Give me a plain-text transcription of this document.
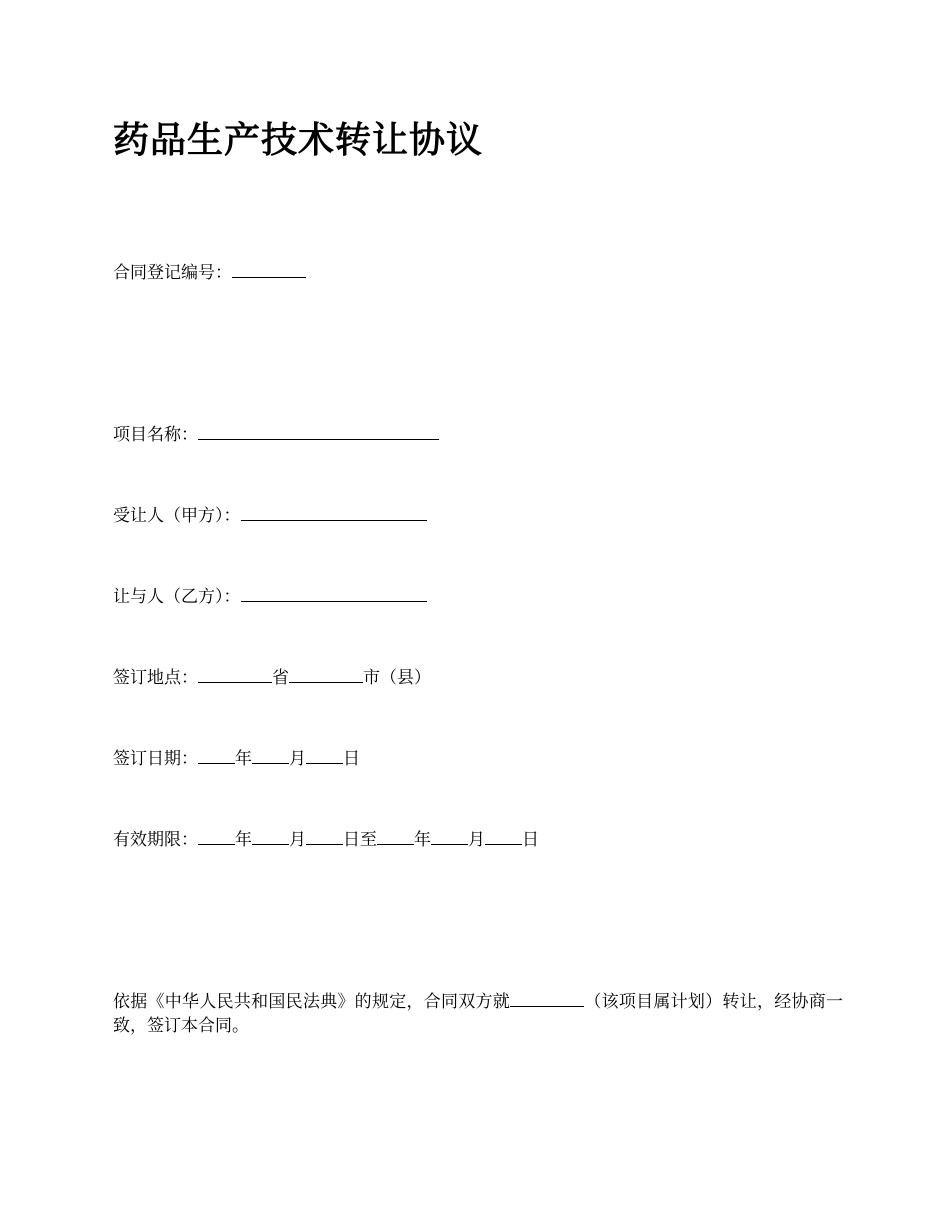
药品生产技术转让协议
合同登记编号：
项目名称：
受让人（甲方）：
让与人（乙方）：
签订地点：	省	市（县）
签订日期： 年 月 日
有效期限： 年 月 日至 年 月 日
依据《中华人民共和国民法典》的规定，合同双方就	（该项目属计划）转让，经协商一致，签订本合同。
